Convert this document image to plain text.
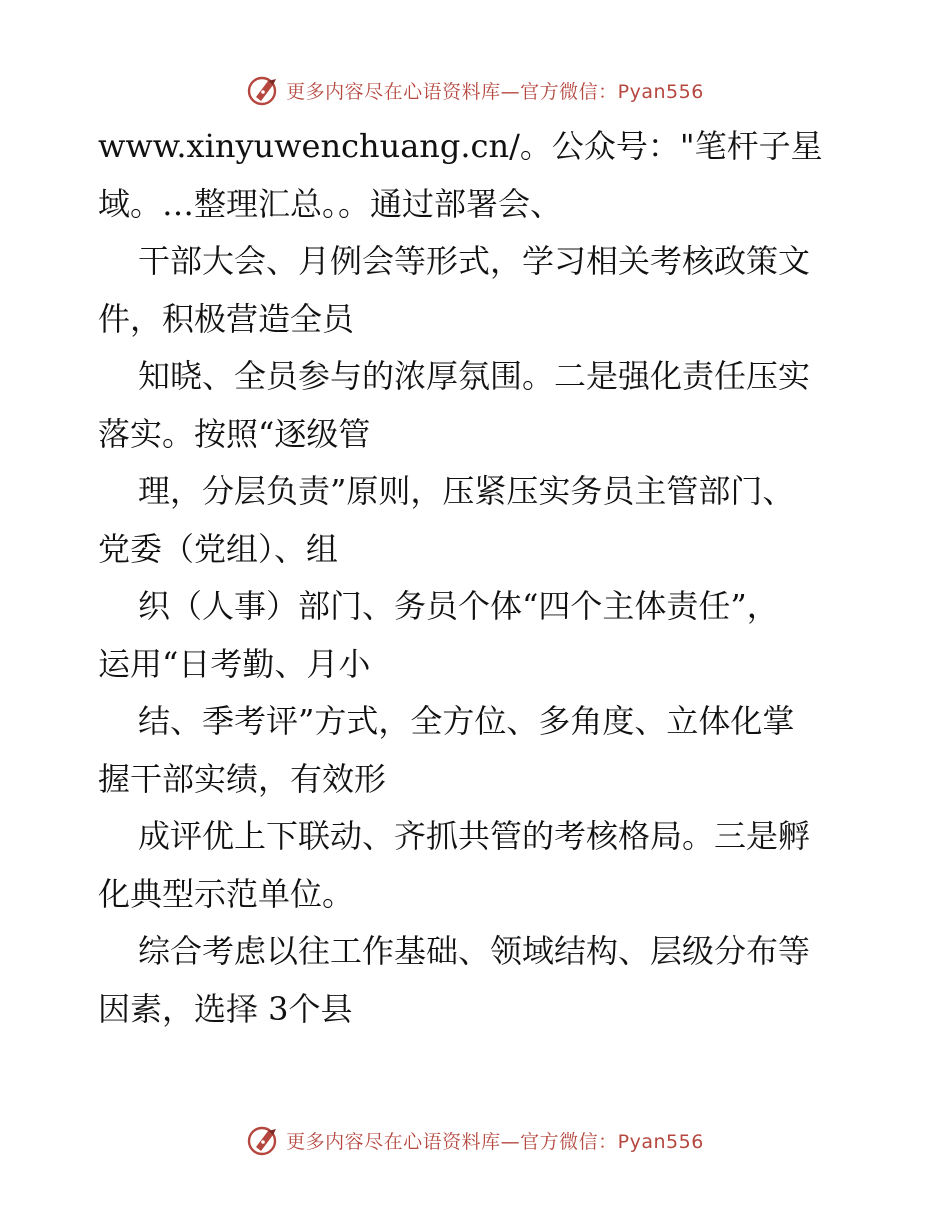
更多内容尽在心语资料库—官方微信：Pyan556
www.xinyuwenchuang.cn/。公众号："笔杆子星
域。…整理汇总。。通过部署会、
干部大会、月例会等形式，学习相关考核政策文
件，积极营造全员
知晓、全员参与的浓厚氛围。二是强化责任压实
落实。按照“逐级管
理，分层负责”原则，压紧压实务员主管部门、
党委（党组）、组
织（人事）部门、务员个体“四个主体责任”，
运用“日考勤、月小
结、季考评”方式，全方位、多角度、立体化掌
握干部实绩，有效形
成评优上下联动、齐抓共管的考核格局。三是孵
化典型示范单位。
综合考虑以往工作基础、领域结构、层级分布等
因素，选择 3个县
更多内容尽在心语资料库—官方微信：Pyan556
